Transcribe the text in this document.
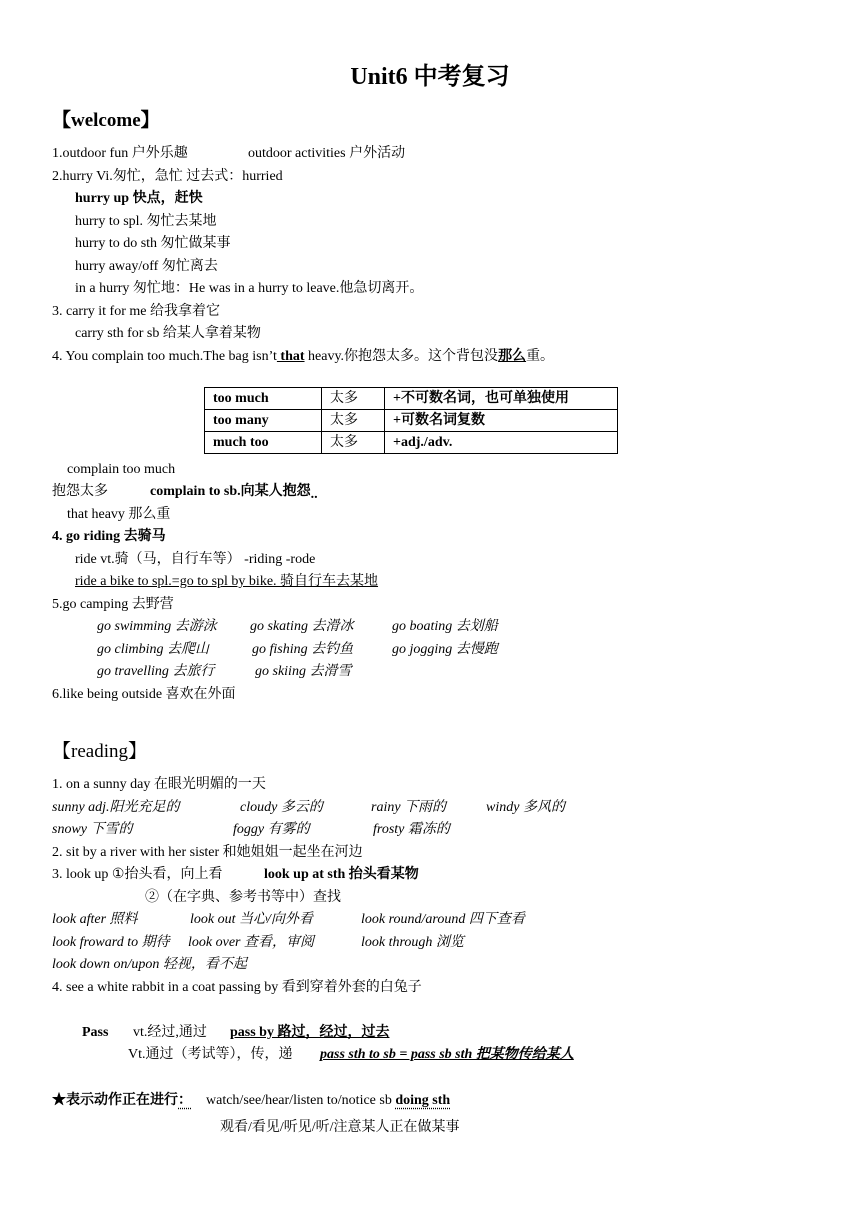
Unit6 中考复习
【welcome】
1.outdoor fun 户外乐趣	outdoor activities 户外活动
2.hurry Vi.匆忙，急忙 过去式：hurried
hurry up 快点，赶快
hurry to spl. 匆忙去某地
hurry to do sth 匆忙做某事
hurry away/off 匆忙离去
in a hurry 匆忙地：He was in a hurry to leave.他急切离开。
3. carry it for me 给我拿着它
carry sth for sb 给某人拿着某物
4. You complain too much.The bag isn’t that heavy.你抱怨太多。这个背包没那么重。
too much	太多	+不可数名词，也可单独使用
too many	太多	+可数名词复数
much too	太多	+adj./adv.
complain too much
抱怨太多	complain to sb.向某人抱怨..
that heavy 那么重
4. go riding 去骑马
ride vt.骑（马，自行车等） -riding -rode
ride a bike to spl.=go to spl by bike. 骑自行车去某地
5.go camping 去野营
go swimming 去游泳 go skating 去滑冰	go boating 去划船
go climbing 去爬山	go fishing 去钓鱼	go jogging 去慢跑
go travelling 去旅行	go skiing 去滑雪
6.like being outside 喜欢在外面
【reading】
1. on a sunny day 在眼光明媚的一天
sunny adj.阳光充足的	cloudy 多云的	rainy 下雨的	windy 多风的
snowy 下雪的	foggy 有雾的	frosty 霜冻的
2. sit by a river with her sister 和她姐姐一起坐在河边
3. look up ①抬头看，向上看	look up at sth 抬头看某物
②（在字典、参考书等中）查找
look after 照料	look out 当心/向外看	look round/around 四下查看
look froward to 期待 look over 查看，审阅	look through 浏览
look down on/upon 轻视，看不起
4. see a white rabbit in a coat passing by 看到穿着外套的白兔子
Pass vt.经过,通过 pass by 路过，经过，过去
Vt.通过（考试等），传，递 pass sth to sb = pass sb sth 把某物传给某人
★表示动作正在进行： watch/see/hear/listen to/notice sb doing sth
观看/看见/听见/听/注意某人正在做某事
